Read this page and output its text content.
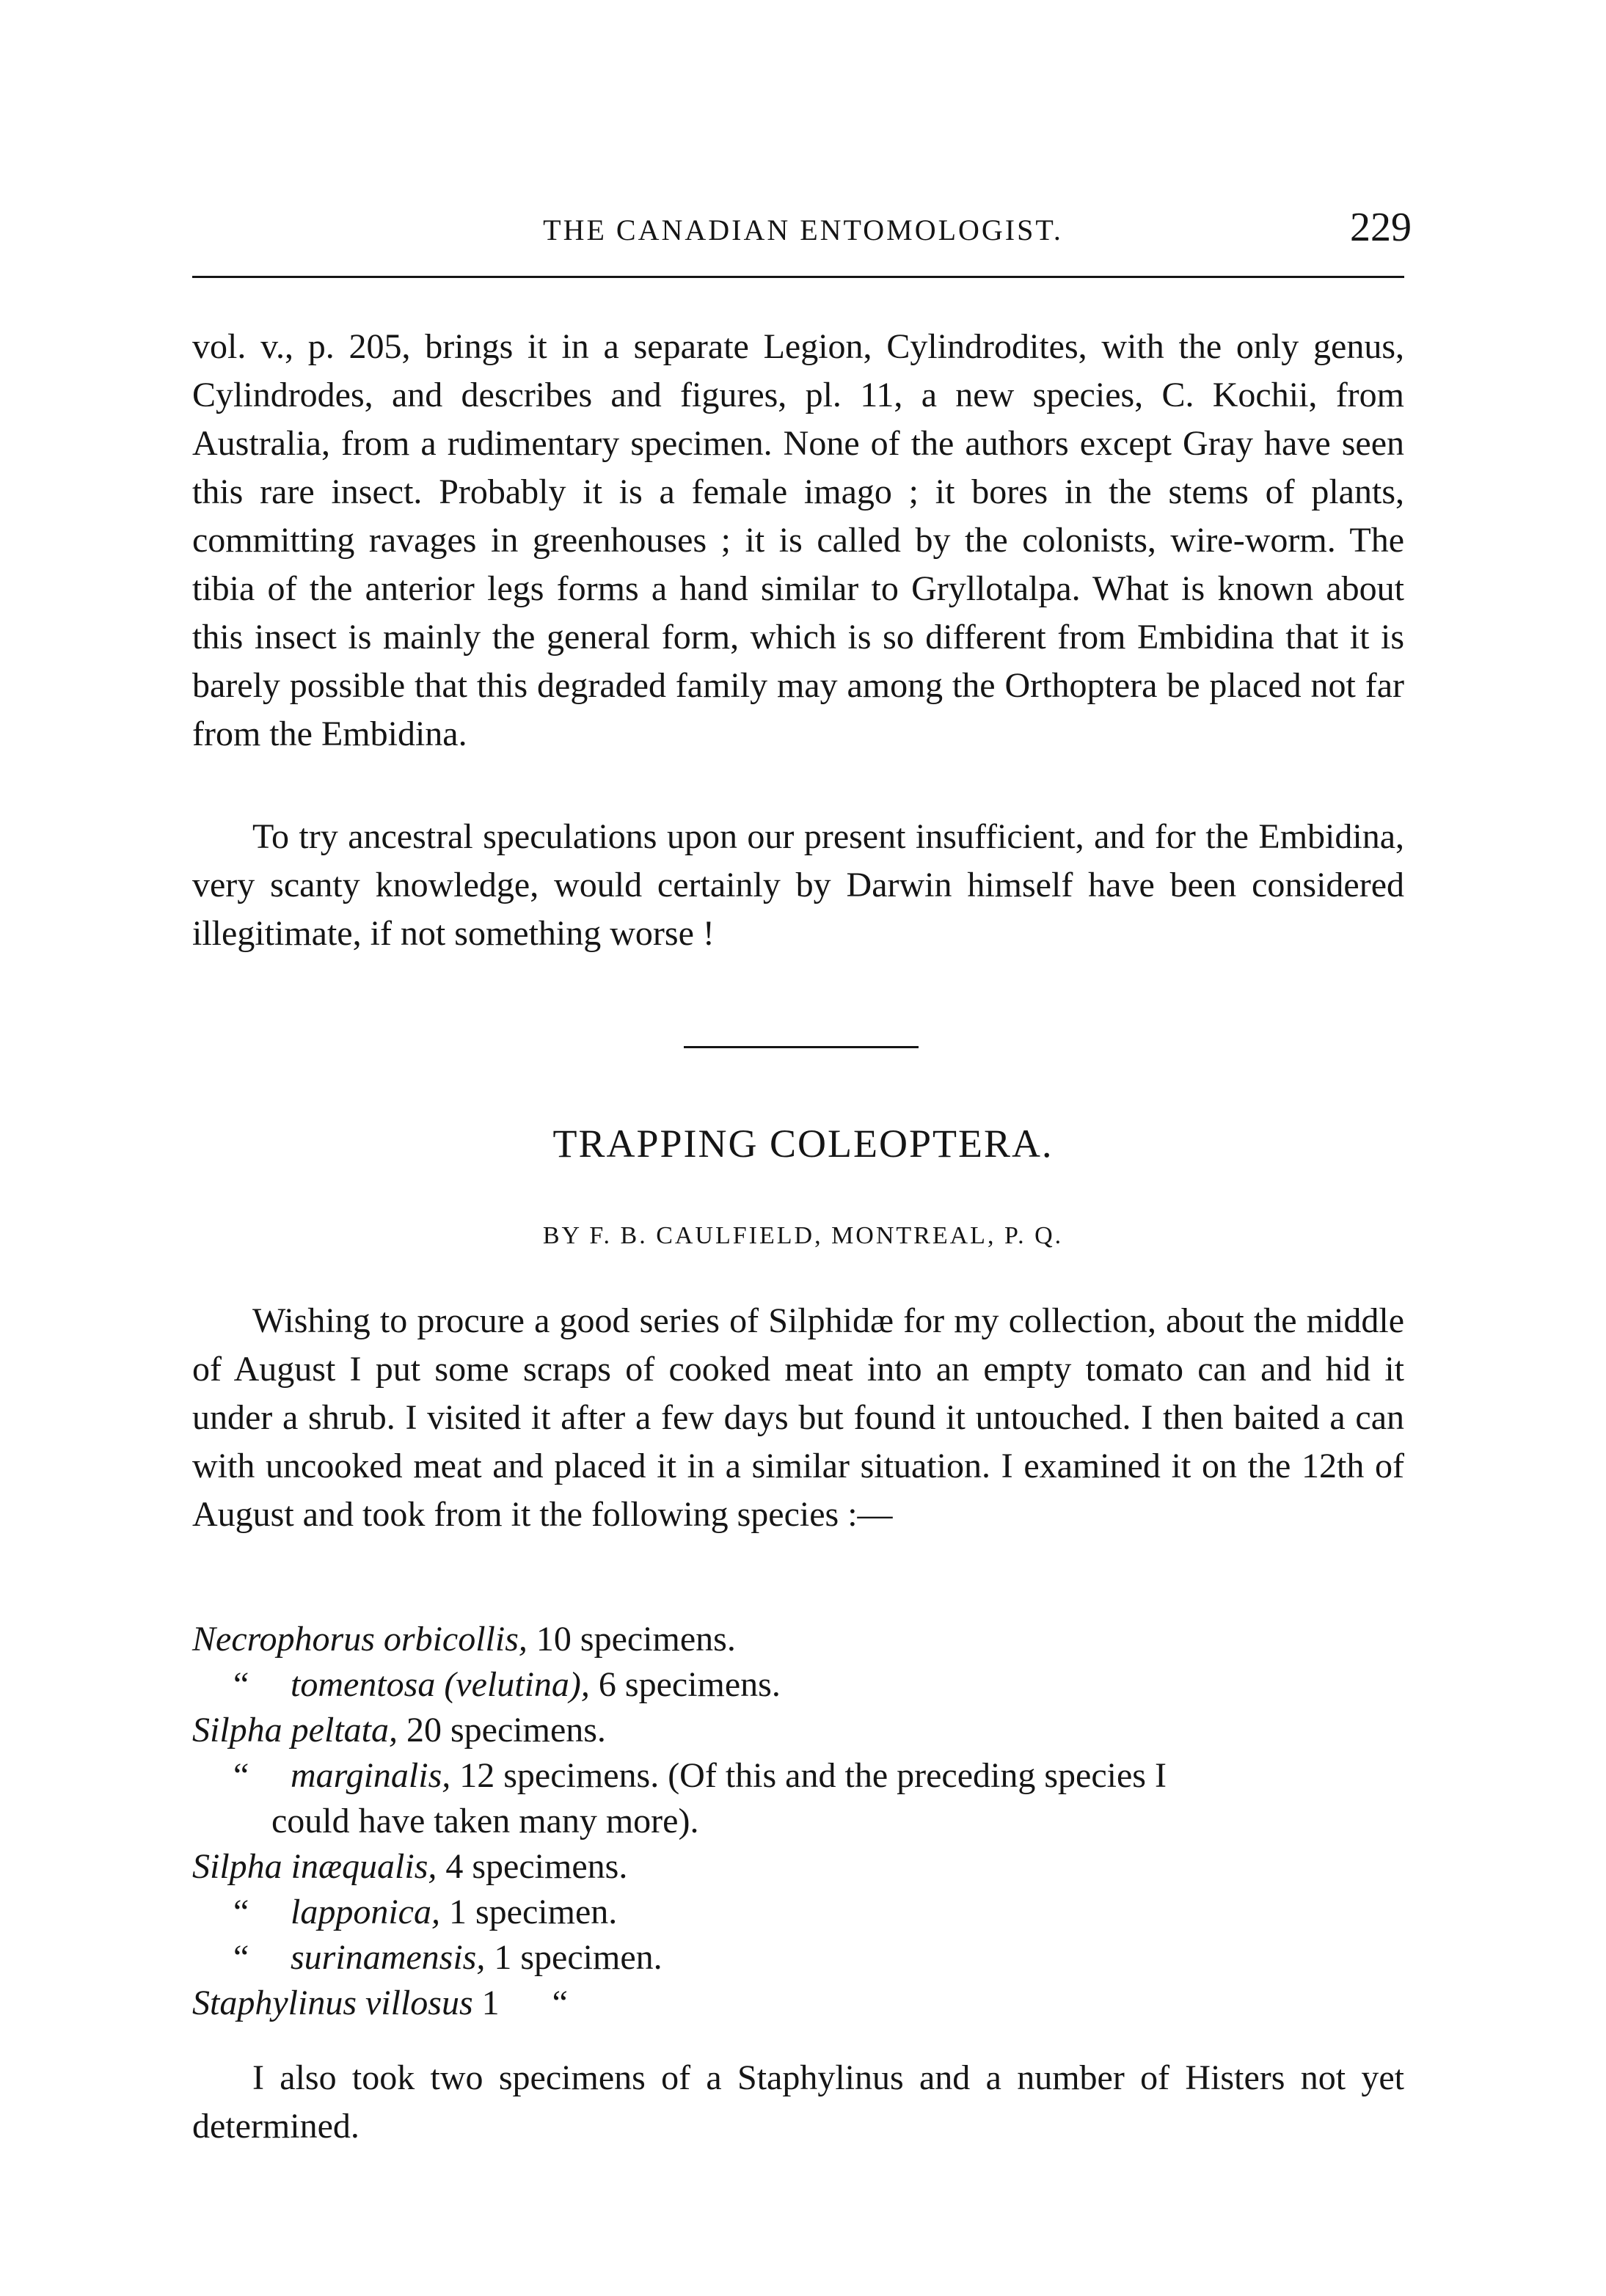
THE CANADIAN ENTOMOLOGIST.	229

vol. v., p. 205, brings it in a separate Legion, Cylindrodites, with the only genus, Cylindrodes, and describes and figures, pl. 11, a new species, C. Kochii, from Australia, from a rudimentary specimen. None of the authors except Gray have seen this rare insect. Probably it is a female imago ; it bores in the stems of plants, committing ravages in greenhouses ; it is called by the colonists, wire-worm. The tibia of the anterior legs forms a hand similar to Gryllotalpa. What is known about this insect is mainly the general form, which is so different from Embidina that it is barely possible that this degraded family may among the Orthoptera be placed not far from the Embidina.

To try ancestral speculations upon our present insufficient, and for the Embidina, very scanty knowledge, would certainly by Darwin himself have been considered illegitimate, if not something worse !

TRAPPING COLEOPTERA.
BY F. B. CAULFIELD, MONTREAL, P. Q.

Wishing to procure a good series of Silphidæ for my collection, about the middle of August I put some scraps of cooked meat into an empty tomato can and hid it under a shrub. I visited it after a few days but found it untouched. I then baited a can with uncooked meat and placed it in a similar situation. I examined it on the 12th of August and took from it the following species :—

Necrophorus orbicollis, 10 specimens.
“ tomentosa (velutina), 6 specimens.
Silpha peltata, 20 specimens.
“ marginalis, 12 specimens. (Of this and the preceding species I
could have taken many more).
Silpha inæqualis, 4 specimens.
“ lapponica, 1 specimen.
“ surinamensis, 1 specimen.
Staphylinus villosus 1      “

I also took two specimens of a Staphylinus and a number of Histers not yet determined.
